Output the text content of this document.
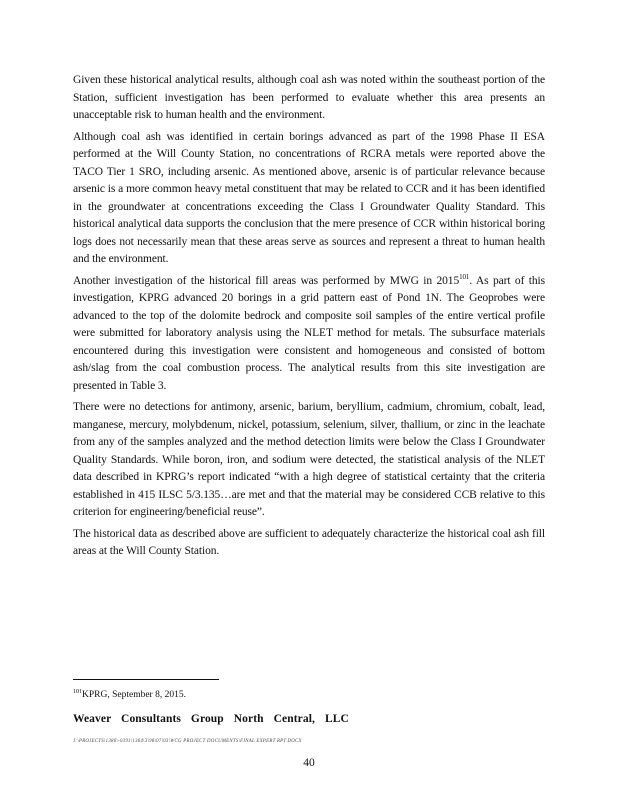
Given these historical analytical results, although coal ash was noted within the southeast portion of the Station, sufficient investigation has been performed to evaluate whether this area presents an unacceptable risk to human health and the environment.

Although coal ash was identified in certain borings advanced as part of the 1998 Phase II ESA performed at the Will County Station, no concentrations of RCRA metals were reported above the TACO Tier 1 SRO, including arsenic. As mentioned above, arsenic is of particular relevance because arsenic is a more common heavy metal constituent that may be related to CCR and it has been identified in the groundwater at concentrations exceeding the Class I Groundwater Quality Standard. This historical analytical data supports the conclusion that the mere presence of CCR within historical boring logs does not necessarily mean that these areas serve as sources and represent a threat to human health and the environment.

Another investigation of the historical fill areas was performed by MWG in 2015$^{101}$. As part of this investigation, KPRG advanced 20 borings in a grid pattern east of Pond 1N. The Geoprobes were advanced to the top of the dolomite bedrock and composite soil samples of the entire vertical profile were submitted for laboratory analysis using the NLET method for metals. The subsurface materials encountered during this investigation were consistent and homogeneous and consisted of bottom ash/slag from the coal combustion process. The analytical results from this site investigation are presented in Table 3.

There were no detections for antimony, arsenic, barium, beryllium, cadmium, chromium, cobalt, lead, manganese, mercury, molybdenum, nickel, potassium, selenium, silver, thallium, or zinc in the leachate from any of the samples analyzed and the method detection limits were below the Class I Groundwater Quality Standards. While boron, iron, and sodium were detected, the statistical analysis of the NLET data described in KPRG’s report indicated “with a high degree of statistical certainty that the criteria established in 415 ILSC 5/3.135…are met and that the material may be considered CCB relative to this criterion for engineering/beneficial reuse”.

The historical data as described above are sufficient to adequately characterize the historical coal ash fill areas at the Will County Station.

$^{101}$KPRG, September 8, 2015.
Weaver Consultants Group North Central, LLC
J:\PROJECTS\1386\-0391\1364\3\98\07\03\WCG PROJECT DOCUMENTS\FINAL EXPERT RPT.DOCX
40
